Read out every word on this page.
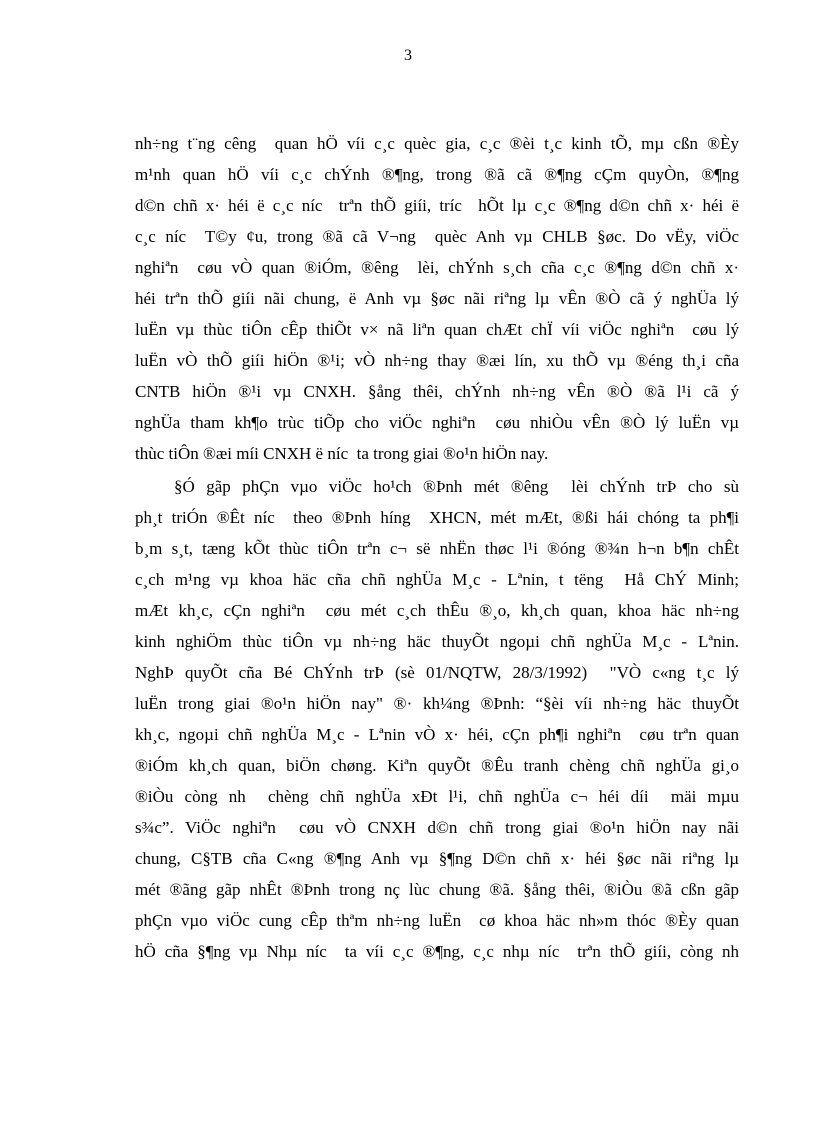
3
nh÷ng t¨ng cêng  quan hÖ víi c¸c quèc gia, c¸c ®èi t¸c kinh tÕ, mµ cßn ®Èy
m¹nh quan hÖ víi c¸c chÝnh ®¶ng, trong ®ã cã ®¶ng cÇm quyÒn, ®¶ng
d©n chñ x· héi ë c¸c níc  trªn thÕ giíi, tríc  hÕt lµ c¸c ®¶ng d©n chñ x· héi ë
c¸c níc  T©y ¢u, trong ®ã cã V¬ng  quèc Anh vµ CHLB §øc. Do vËy, viÖc
nghiªn  cøu vÒ quan ®iÓm, ®êng  lèi, chÝnh s¸ch cña c¸c ®¶ng d©n chñ x·
héi trªn thÕ giíi nãi chung, ë Anh vµ §øc nãi riªng lµ vÊn ®Ò cã ý nghÜa lý
luËn vµ thùc tiÔn cÊp thiÕt v× nã liªn quan chÆt chÏ víi viÖc nghiªn  cøu lý
luËn vÒ thÕ giíi hiÖn ®¹i; vÒ nh÷ng thay ®æi lín, xu thÕ vµ ®éng th¸i cña
CNTB hiÖn ®¹i vµ CNXH. §ång thêi, chÝnh nh÷ng vÊn ®Ò ®ã l¹i cã ý
nghÜa tham kh¶o trùc tiÕp cho viÖc nghiªn  cøu nhiÒu vÊn ®Ò lý luËn vµ
thùc tiÔn ®æi míi CNXH ë níc  ta trong giai ®o¹n hiÖn nay.
§Ó gãp phÇn vµo viÖc ho¹ch ®Þnh mét ®êng  lèi chÝnh trÞ cho sù
ph¸t triÓn ®Êt níc  theo ®Þnh híng  XHCN, mét mÆt, ®ßi hái chóng ta ph¶i
b¸m s¸t, tæng kÕt thùc tiÔn trªn c¬ së nhËn thøc l¹i ®óng ®¾n h¬n b¶n chÊt
c¸ch m¹ng vµ khoa häc cña chñ nghÜa M¸c - Lªnin, t tëng  Hå ChÝ Minh;
mÆt kh¸c, cÇn nghiªn  cøu mét c¸ch thÊu ®¸o, kh¸ch quan, khoa häc nh÷ng
kinh nghiÖm thùc tiÔn vµ nh÷ng häc thuyÕt ngoµi chñ nghÜa M¸c - Lªnin.
NghÞ quyÕt cña Bé ChÝnh trÞ (sè 01/NQTW, 28/3/1992)  "VÒ c«ng t¸c lý
luËn trong giai ®o¹n hiÖn nay" ®· kh¼ng ®Þnh: “§èi víi nh÷ng häc thuyÕt
kh¸c, ngoµi chñ nghÜa M¸c - Lªnin vÒ x· héi, cÇn ph¶i nghiªn  cøu trªn quan
®iÓm kh¸ch quan, biÖn chøng. Kiªn quyÕt ®Êu tranh chèng chñ nghÜa gi¸o
®iÒu còng nh  chèng chñ nghÜa xÐt l¹i, chñ nghÜa c¬ héi díi  mäi mµu
s¾c”. ViÖc nghiªn  cøu vÒ CNXH d©n chñ trong giai ®o¹n hiÖn nay nãi
chung, C§TB cña C«ng ®¶ng Anh vµ §¶ng D©n chñ x· héi §øc nãi riªng lµ
mét ®ãng gãp nhÊt ®Þnh trong nç lùc chung ®ã. §ång thêi, ®iÒu ®ã cßn gãp
phÇn vµo viÖc cung cÊp thªm nh÷ng luËn  cø khoa häc nh»m thóc ®Èy quan
hÖ cña §¶ng vµ Nhµ níc  ta víi c¸c ®¶ng, c¸c nhµ níc  trªn thÕ giíi, còng nh
